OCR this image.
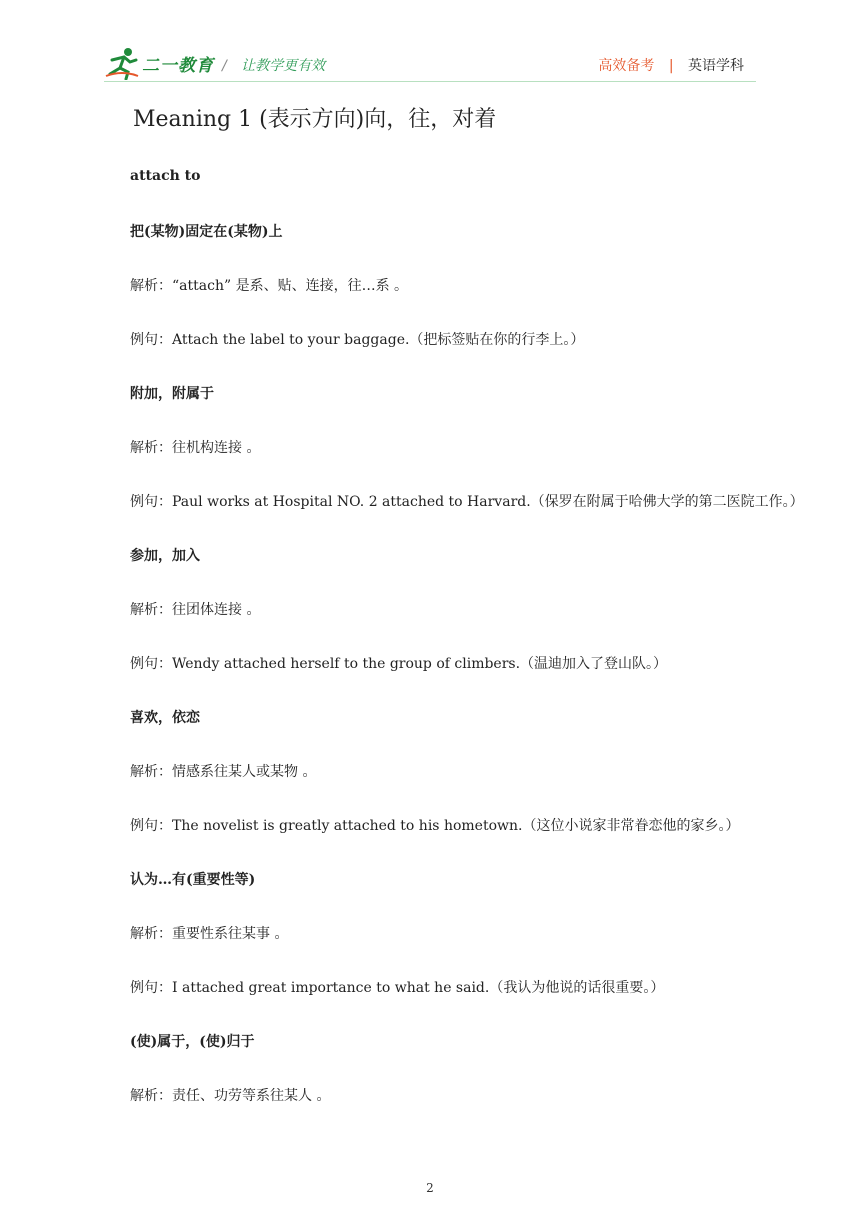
二一教育 / 让教学更有效	高效备考 | 英语学科
Meaning 1 (表示方向)向，往，对着
attach to
把(某物)固定在(某物)上
解析：“attach” 是系、贴、连接，往…系 。
例句：Attach the label to your baggage.（把标签贴在你的行李上。）
附加，附属于
解析：往机构连接 。
例句：Paul works at Hospital NO. 2 attached to Harvard.（保罗在附属于哈佛大学的第二医院工作。）
参加，加入
解析：往团体连接 。
例句：Wendy attached herself to the group of climbers.（温迪加入了登山队。）
喜欢，依恋
解析：情感系往某人或某物 。
例句：The novelist is greatly attached to his hometown.（这位小说家非常眷恋他的家乡。）
认为…有(重要性等)
解析：重要性系往某事 。
例句：I attached great importance to what he said.（我认为他说的话很重要。）
(使)属于，(使)归于
解析：责任、功劳等系往某人 。
2
